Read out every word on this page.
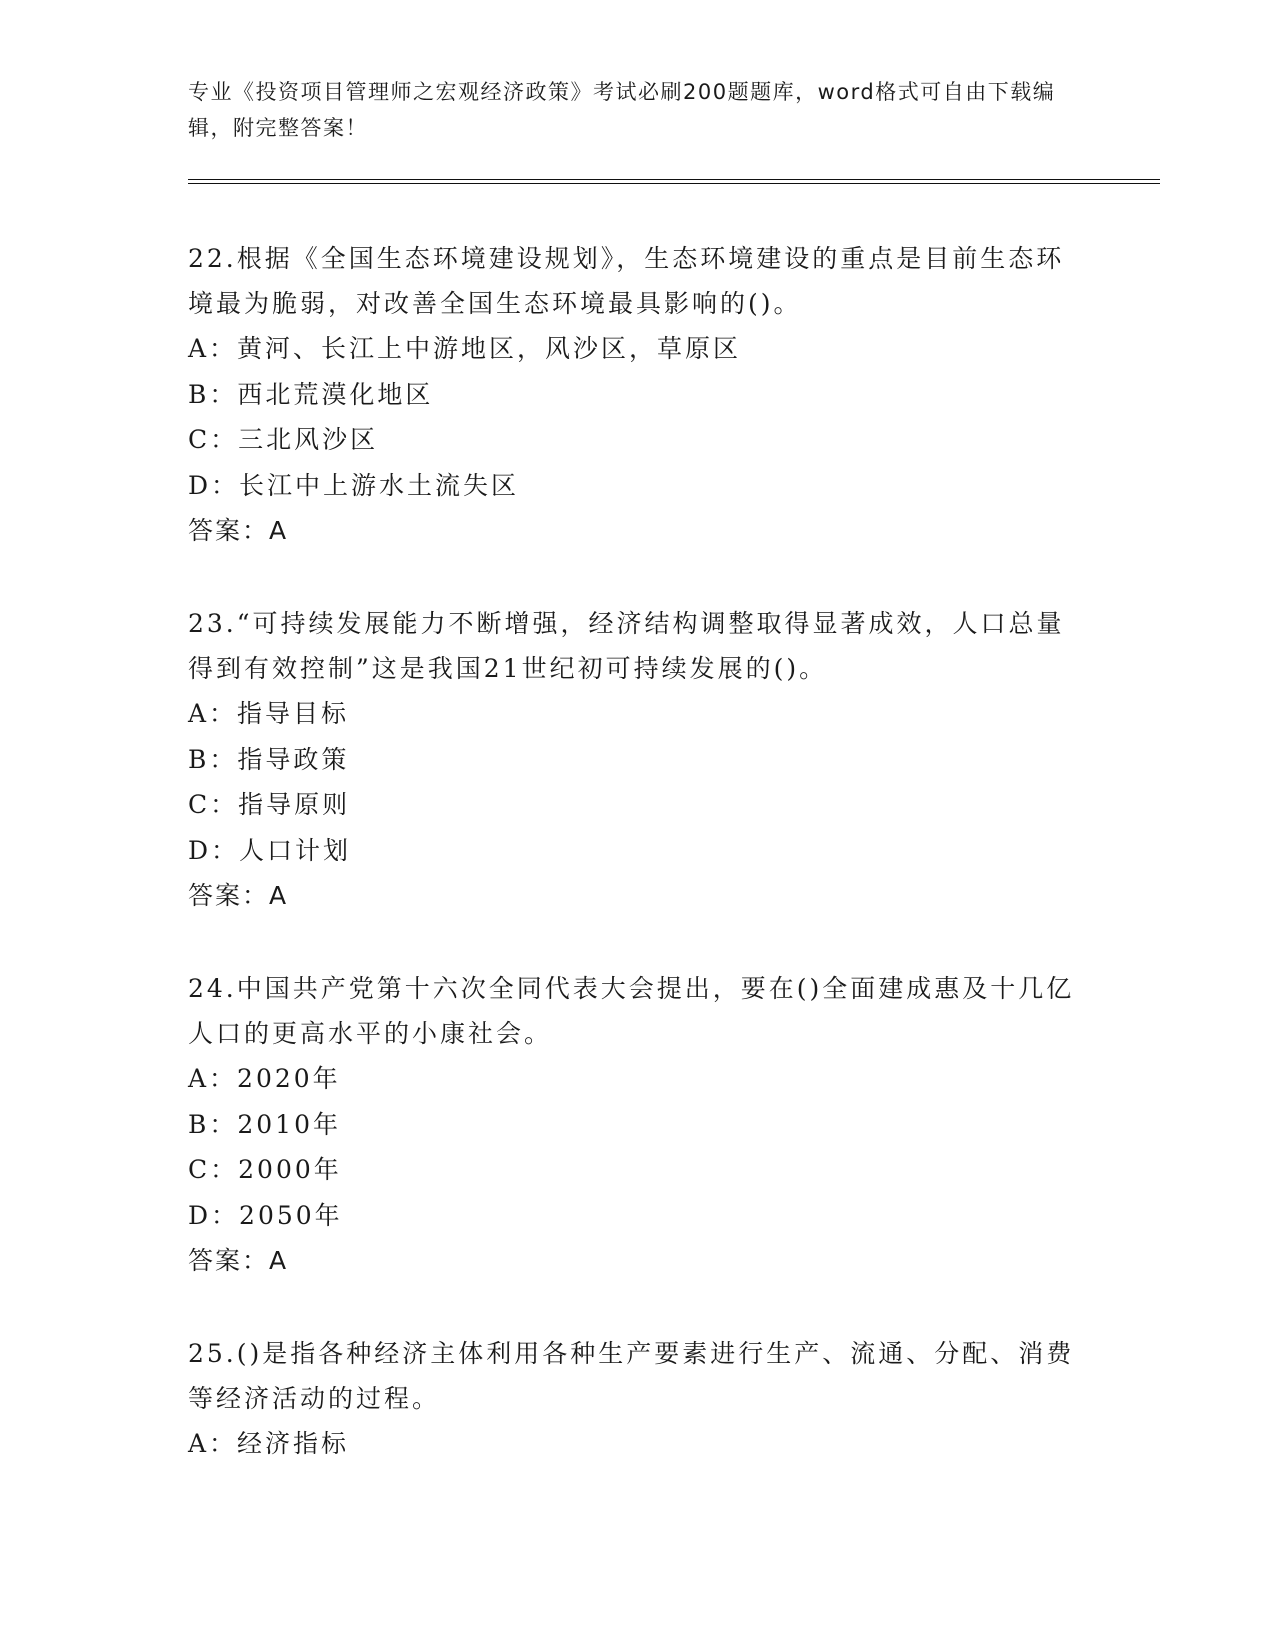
专业《投资项目管理师之宏观经济政策》考试必刷200题题库，word格式可自由下载编辑，附完整答案！

22.根据《全国生态环境建设规划》，生态环境建设的重点是目前生态环境最为脆弱，对改善全国生态环境最具影响的()。

A：黄河、长江上中游地区，风沙区，草原区

B：西北荒漠化地区

C：三北风沙区

D：长江中上游水土流失区

答案：A

23.“可持续发展能力不断增强，经济结构调整取得显著成效，人口总量得到有效控制”这是我国21世纪初可持续发展的()。

A：指导目标

B：指导政策

C：指导原则

D：人口计划

答案：A

24.中国共产党第十六次全同代表大会提出，要在()全面建成惠及十几亿人口的更高水平的小康社会。

A：2020年

B：2010年

C：2000年

D：2050年

答案：A

25.()是指各种经济主体利用各种生产要素进行生产、流通、分配、消费等经济活动的过程。

A：经济指标
